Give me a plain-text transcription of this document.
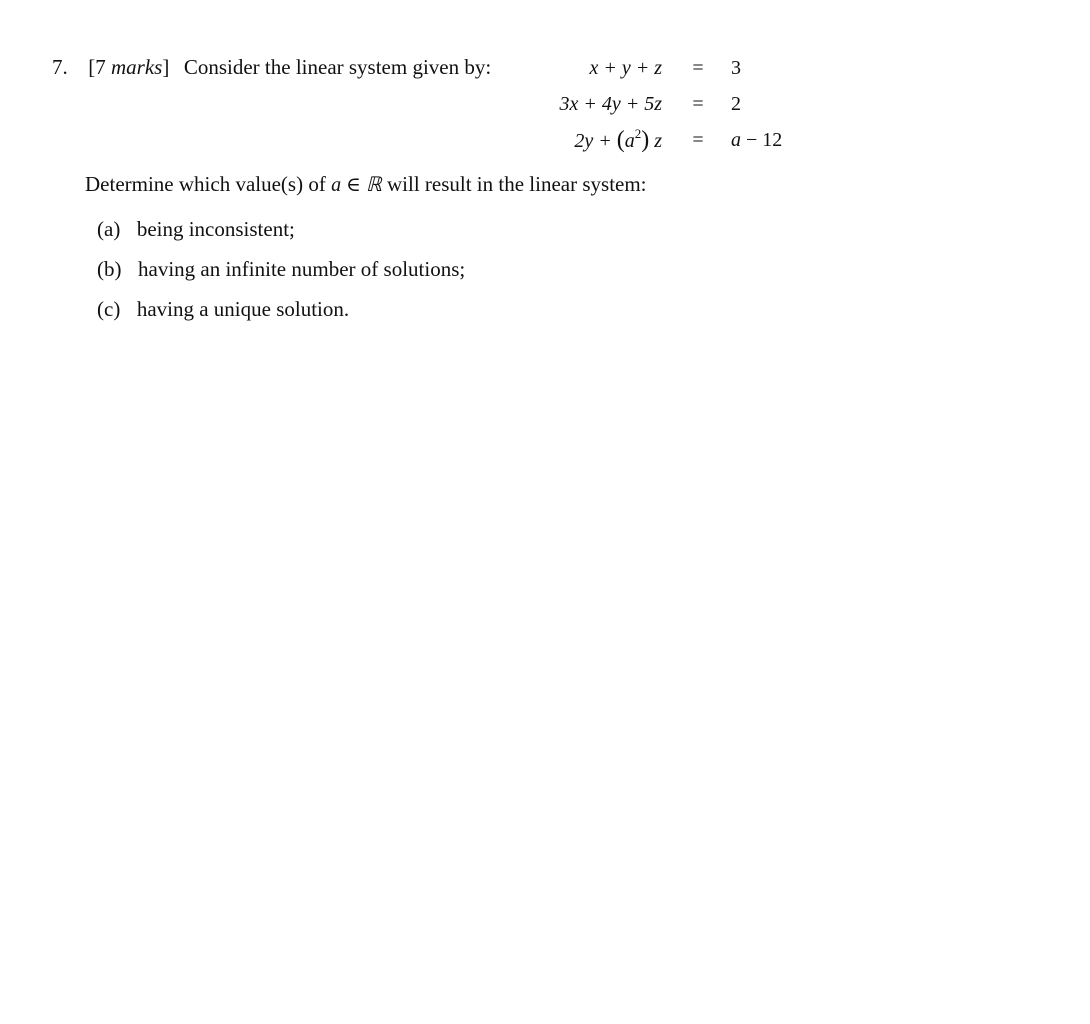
7. [7 marks] Consider the linear system given by:	x + y + z	=	3
3x + 4y + 5z	=	2
$2y + (a^2)$ z	=	a − 12
Determine which value(s) of a ∈ ℝ will result in the linear system:
(a) being inconsistent;
(b) having an infinite number of solutions;
(c) having a unique solution.
